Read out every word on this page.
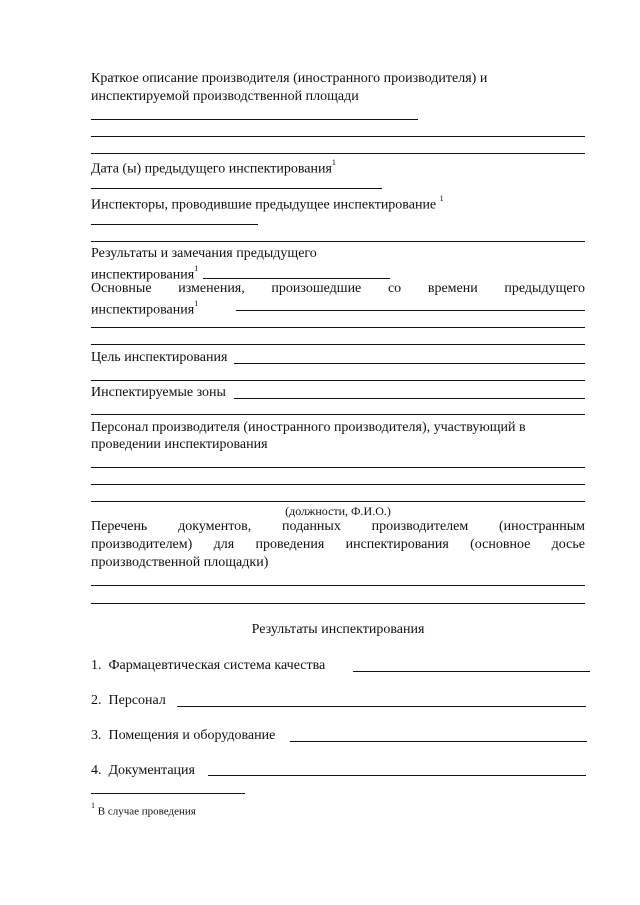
Краткое описание производителя (иностранного производителя) и
инспектируемой производственной площади
Дата (ы) предыдущего инспектирования$^1$
Инспекторы, проводившие предыдущее инспектирование $^1$
Результаты и замечания предыдущего
инспектирования$^1$
Основные изменения, произошедшие со времени предыдущего
инспектирования$^1$
Цель инспектирования
Инспектируемые зоны
Персонал производителя (иностранного производителя), участвующий в
проведении инспектирования
(должности, Ф.И.О.)
Перечень документов, поданных производителем (иностранным
производителем) для проведения инспектирования (основное досье
производственной площадки)
Результаты инспектирования
1. Фармацевтическая система качества
2. Персонал
3. Помещения и оборудование
4. Документация
$^1$ В случае проведения
